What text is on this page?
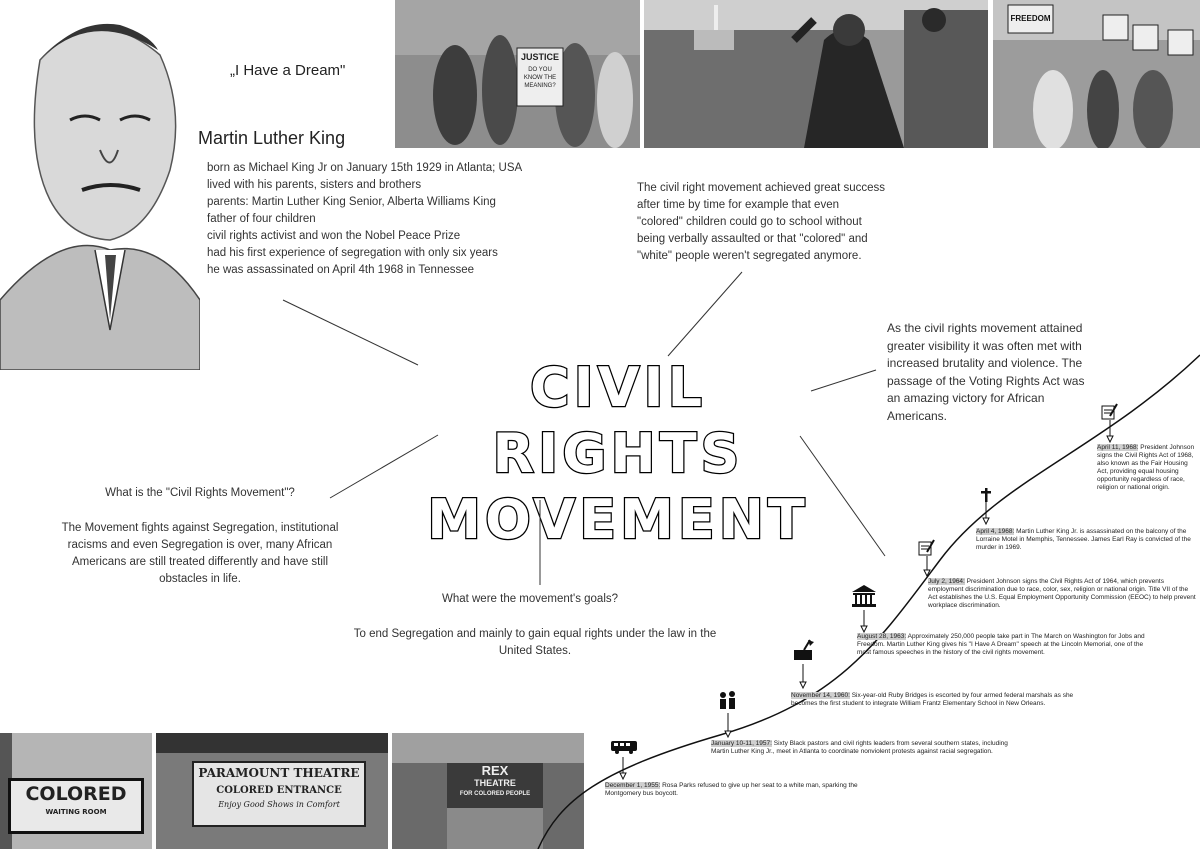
JUSTICE
DO YOU KNOW THE MEANING?
FREEDOM
„I Have a Dream"
Martin Luther King
born as Michael King Jr on January 15th 1929 in Atlanta; USA
lived with his parents, sisters and brothers
parents: Martin Luther King Senior, Alberta Williams King
father of four children
civil rights activist and won the Nobel Peace Prize
had his first experience of segregation with only six years
he was assassinated on April 4th 1968 in Tennessee
The civil right movement achieved great success
after time by time for example that even
"colored" children could go to school without
being verbally assaulted or that "colored" and
"white" people weren't segregated anymore.
As the civil rights movement attained
greater visibility it was often met with
increased brutality and violence. The
passage of the Voting Rights Act was
an amazing victory for African
Americans.
CIVIL RIGHTS
MOVEMENT
What is the "Civil Rights Movement"?
The Movement fights against Segregation, institutional
racisms and even Segregation is over, many African
Americans are still treated differently and have still
obstacles in life.
What were the movement's goals?
To end Segregation and mainly to gain equal rights under the law in the
United States.
COLORED
WAITING ROOM
PARAMOUNT THEATRE
COLORED ENTRANCE
Enjoy Good Shows in Comfort
REX
THEATRE
FOR COLORED PEOPLE
December 1, 1955: Rosa Parks refused to give up her seat to a white man, sparking the Montgomery bus boycott.
January 10-11, 1957: Sixty Black pastors and civil rights leaders from several southern states, including Martin Luther King Jr., meet in Atlanta to coordinate nonviolent protests against racial segregation.
November 14, 1960: Six-year-old Ruby Bridges is escorted by four armed federal marshals as she becomes the first student to integrate William Frantz Elementary School in New Orleans.
August 28, 1963: Approximately 250,000 people take part in The March on Washington for Jobs and Freedom. Martin Luther King gives his "I Have A Dream" speech at the Lincoln Memorial, one of the most famous speeches in the history of the civil rights movement.
July 2, 1964: President Johnson signs the Civil Rights Act of 1964, which prevents employment discrimination due to race, color, sex, religion or national origin. Title VII of the Act establishes the U.S. Equal Employment Opportunity Commission (EEOC) to help prevent workplace discrimination.
April 4, 1968: Martin Luther King Jr. is assassinated on the balcony of the Lorraine Motel in Memphis, Tennessee. James Earl Ray is convicted of the murder in 1969.
April 11, 1968: President Johnson signs the Civil Rights Act of 1968, also known as the Fair Housing Act, providing equal housing opportunity regardless of race, religion or national origin.
